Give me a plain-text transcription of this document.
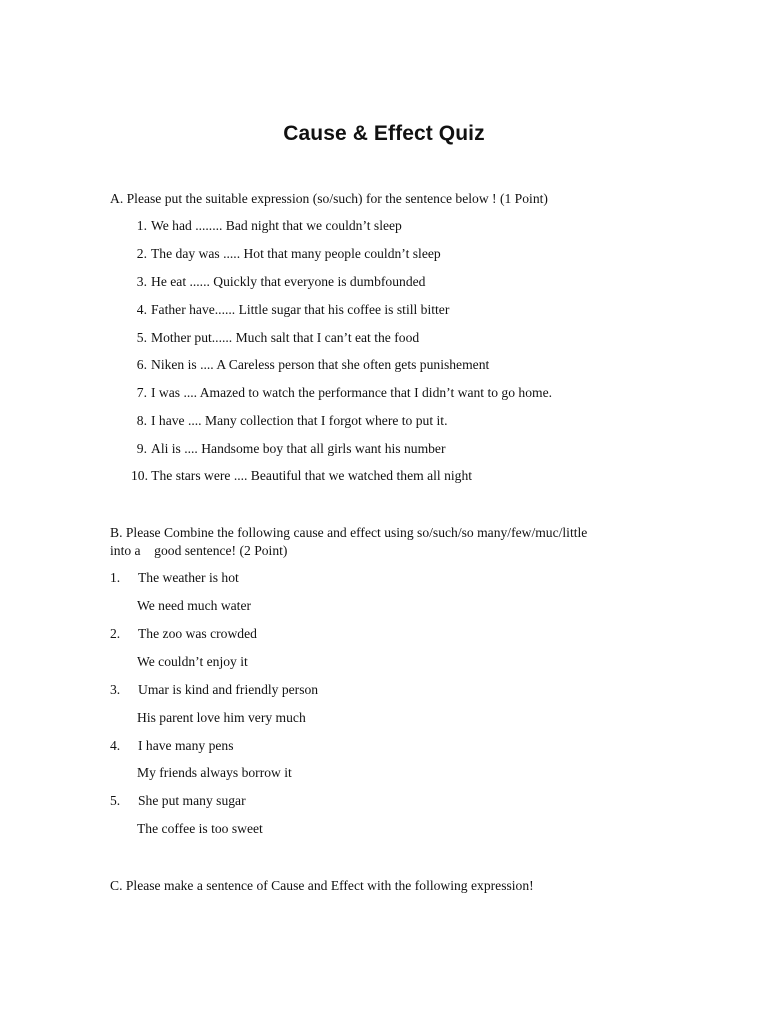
Cause & Effect Quiz
A. Please put the suitable expression (so/such) for the sentence below ! (1 Point)
1. We had ........ Bad night that we couldn’t sleep
2. The day was ..... Hot that many people couldn’t sleep
3. He eat ...... Quickly that everyone is dumbfounded
4. Father have...... Little sugar that his coffee is still bitter
5. Mother put...... Much salt that I can’t eat the food
6. Niken is .... A Careless person that she often gets punishement
7. I was .... Amazed to watch the performance that I didn’t want to go home.
8. I have .... Many collection that I forgot where to put it.
9. Ali is .... Handsome boy that all girls want his number
10. The stars were .... Beautiful that we watched them all night
B. Please Combine the following cause and effect using so/such/so many/few/muc/little
into a    good sentence! (2 Point)
1. The weather is hot
We need much water
2. The zoo was crowded
We couldn’t enjoy it
3. Umar is kind and friendly person
His parent love him very much
4. I have many pens
My friends always borrow it
5. She put many sugar
The coffee is too sweet
C. Please make a sentence of Cause and Effect with the following expression!
